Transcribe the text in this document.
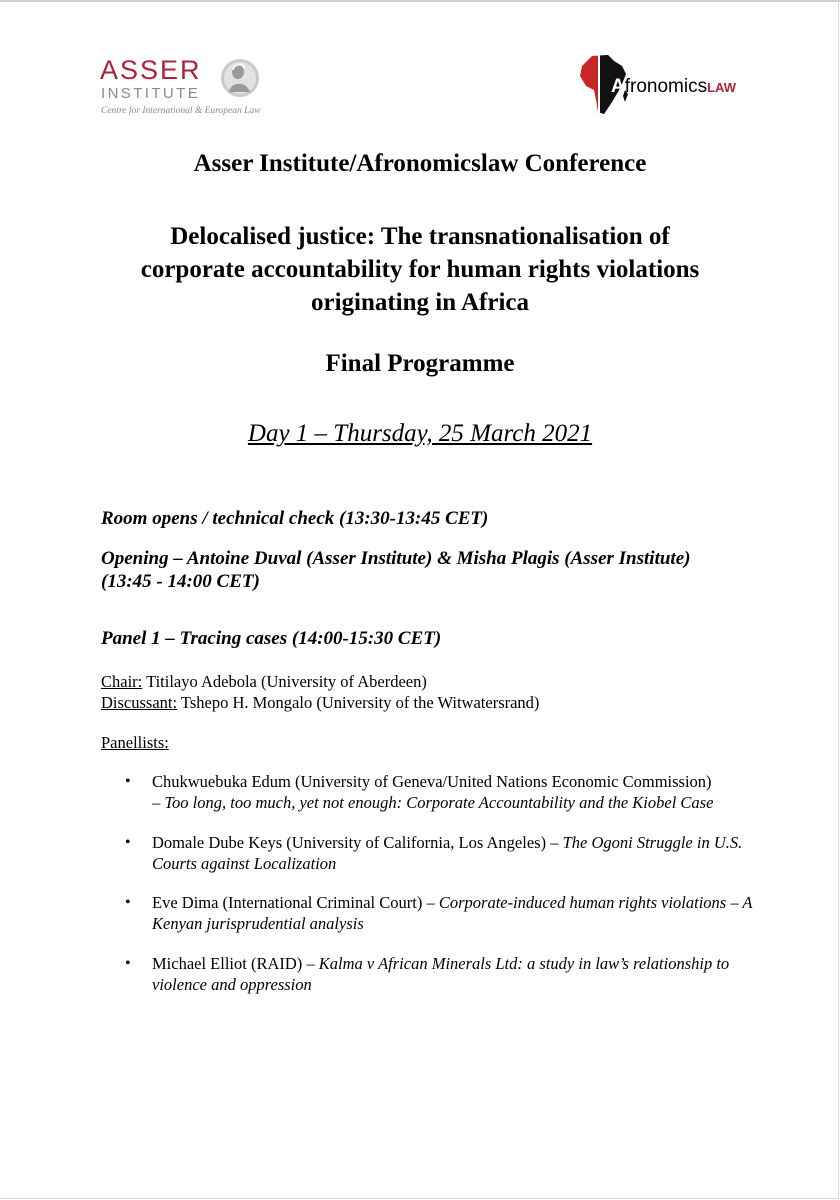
ASSER
INSTITUTE
Centre for International & European Law
AfronomicsLAW
Asser Institute/Afronomicslaw Conference
Delocalised justice: The transnationalisation of
corporate accountability for human rights violations
originating in Africa
Final Programme
Day 1 – Thursday, 25 March 2021
Room opens / technical check (13:30-13:45 CET)
Opening – Antoine Duval (Asser Institute) & Misha Plagis (Asser Institute)
(13:45 - 14:00 CET)
Panel 1 – Tracing cases (14:00-15:30 CET)
Chair: Titilayo Adebola (University of Aberdeen)
Discussant: Tshepo H. Mongalo (University of the Witwatersrand)
Panellists:
• Chukwuebuka Edum (University of Geneva/United Nations Economic Commission)
– Too long, too much, yet not enough: Corporate Accountability and the Kiobel Case
• Domale Dube Keys (University of California, Los Angeles) – The Ogoni Struggle in U.S. Courts against Localization
• Eve Dima (International Criminal Court) – Corporate-induced human rights violations – A Kenyan jurisprudential analysis
• Michael Elliot (RAID) – Kalma v African Minerals Ltd: a study in law’s relationship to violence and oppression
